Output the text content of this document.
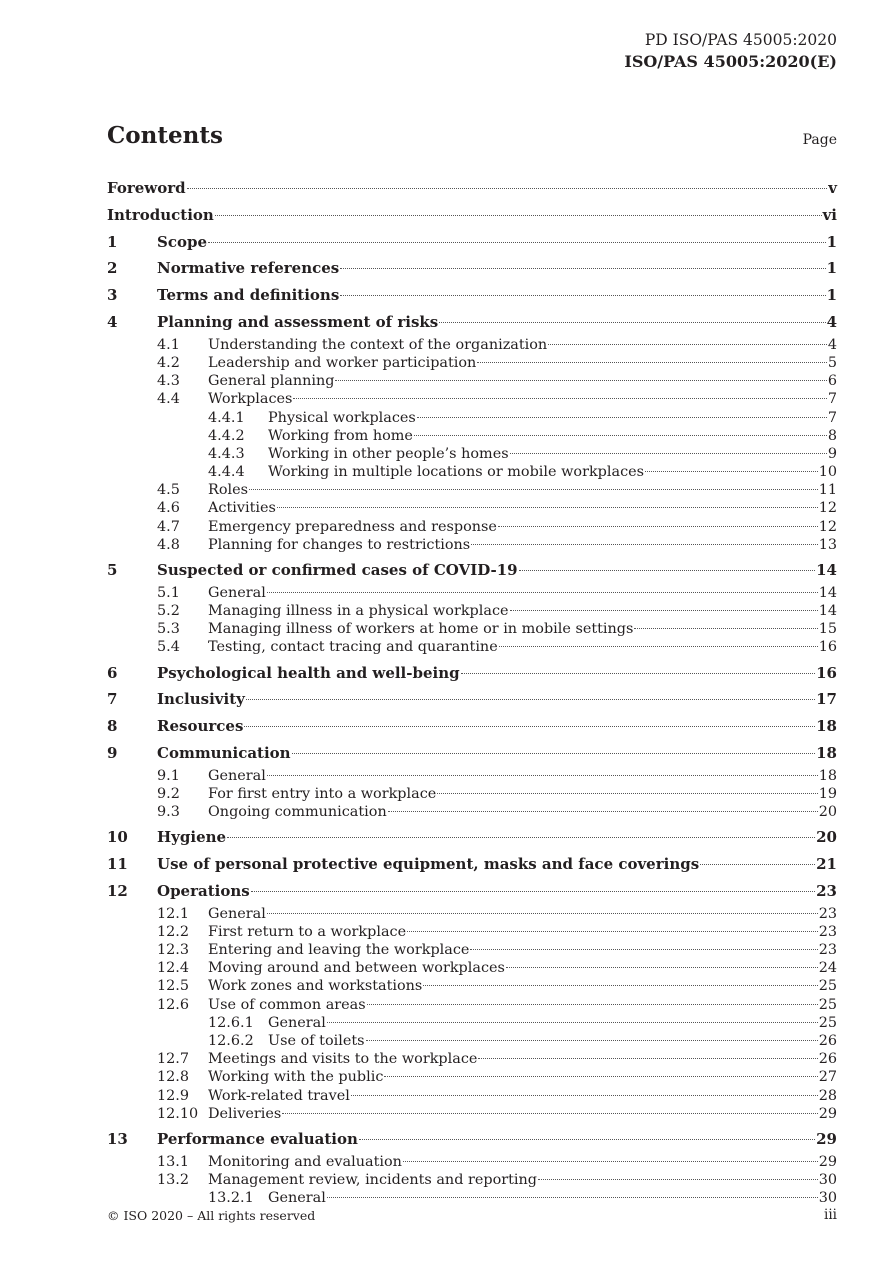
PD ISO/PAS 45005:2020
ISO/PAS 45005:2020(E)
Contents	Page
Foreword	v
Introduction	vi
1	Scope	1
2	Normative references	1
3	Terms and definitions	1
4	Planning and assessment of risks	4
4.1	Understanding the context of the organization	4
4.2	Leadership and worker participation	5
4.3	General planning	6
4.4	Workplaces	7
4.4.1	Physical workplaces	7
4.4.2	Working from home	8
4.4.3	Working in other people’s homes	9
4.4.4	Working in multiple locations or mobile workplaces	10
4.5	Roles	11
4.6	Activities	12
4.7	Emergency preparedness and response	12
4.8	Planning for changes to restrictions	13
5	Suspected or confirmed cases of COVID-19	14
5.1	General	14
5.2	Managing illness in a physical workplace	14
5.3	Managing illness of workers at home or in mobile settings	15
5.4	Testing, contact tracing and quarantine	16
6	Psychological health and well-being	16
7	Inclusivity	17
8	Resources	18
9	Communication	18
9.1	General	18
9.2	For first entry into a workplace	19
9.3	Ongoing communication	20
10	Hygiene	20
11	Use of personal protective equipment, masks and face coverings	21
12	Operations	23
12.1	General	23
12.2	First return to a workplace	23
12.3	Entering and leaving the workplace	23
12.4	Moving around and between workplaces	24
12.5	Work zones and workstations	25
12.6	Use of common areas	25
12.6.1 General	25
12.6.2 Use of toilets	26
12.7	Meetings and visits to the workplace	26
12.8	Working with the public	27
12.9	Work-related travel	28
12.10 Deliveries	29
13	Performance evaluation	29
13.1	Monitoring and evaluation	29
13.2	Management review, incidents and reporting	30
13.2.1 General	30
© ISO 2020 – All rights reserved	iii
